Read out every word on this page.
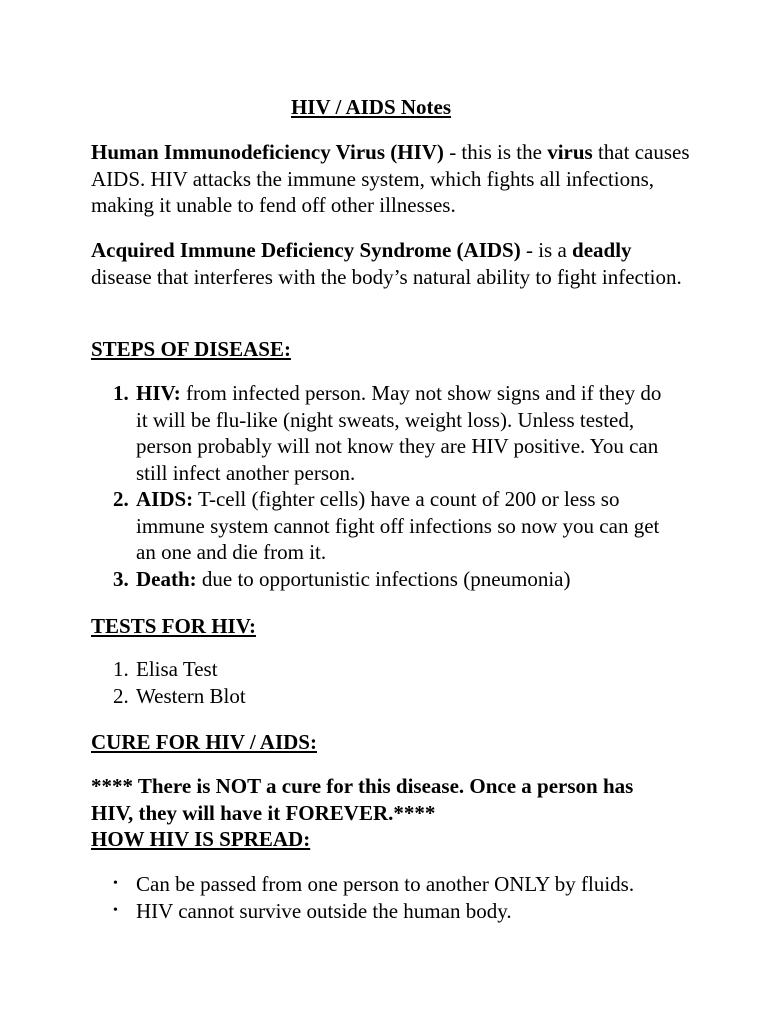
HIV / AIDS Notes

Human Immunodeficiency Virus (HIV) - this is the virus that causes AIDS. HIV attacks the immune system, which fights all infections, making it unable to fend off other illnesses.

Acquired Immune Deficiency Syndrome (AIDS) - is a deadly disease that interferes with the body’s natural ability to fight infection.

STEPS OF DISEASE:
1. HIV: from infected person. May not show signs and if they do it will be flu-like (night sweats, weight loss). Unless tested, person probably will not know they are HIV positive. You can still infect another person.
2. AIDS: T-cell (fighter cells) have a count of 200 or less so immune system cannot fight off infections so now you can get an one and die from it.
3. Death: due to opportunistic infections (pneumonia)
TESTS FOR HIV:
1. Elisa Test
2. Western Blot
CURE FOR HIV / AIDS:

**** There is NOT a cure for this disease. Once a person has HIV, they will have it FOREVER.****

HOW HIV IS SPREAD:
• Can be passed from one person to another ONLY by fluids.
• HIV cannot survive outside the human body.
